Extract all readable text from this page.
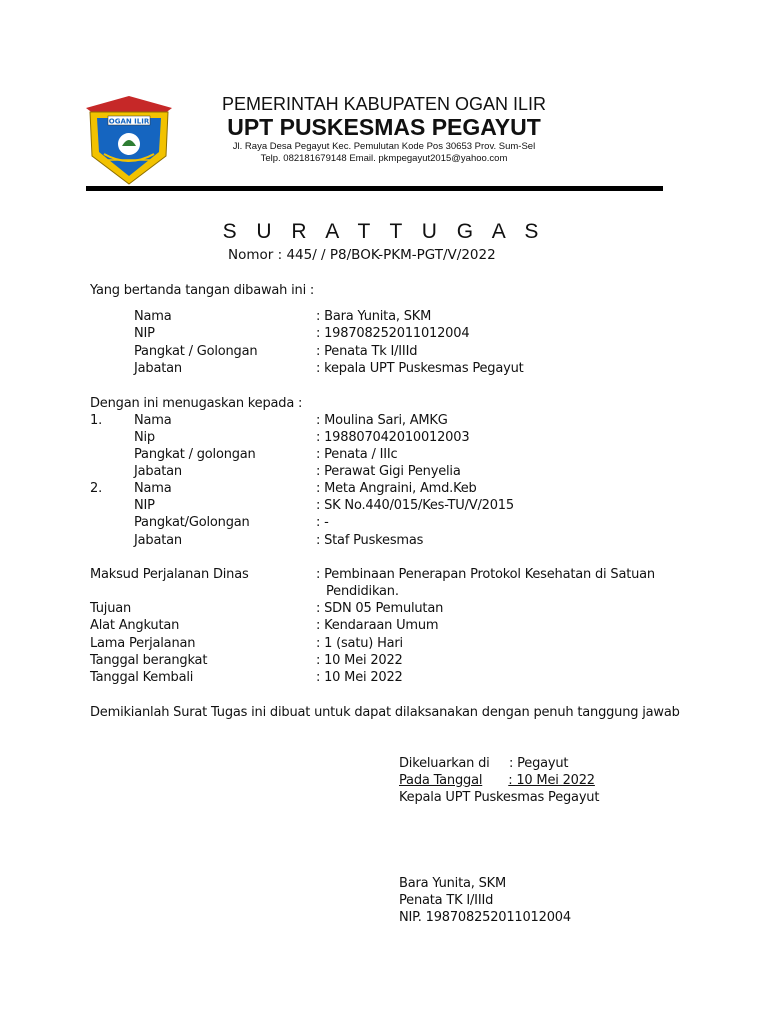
OGAN ILIR
PEMERINTAH KABUPATEN OGAN ILIR
UPT PUSKESMAS PEGAYUT
Jl. Raya Desa Pegayut Kec. Pemulutan Kode Pos 30653 Prov. Sum-Sel
Telp. 082181679148 Email. pkmpegayut2015@yahoo.com
S U R A T T U G A S
Nomor : 445/ / P8/BOK-PKM-PGT/V/2022
Yang bertanda tangan dibawah ini :
Nama	: Bara Yunita, SKM
NIP	: 198708252011012004
Pangkat / Golongan	: Penata Tk I/IIId
Jabatan	: kepala UPT Puskesmas Pegayut
Dengan ini menugaskan kepada :
1. Nama	: Moulina Sari, AMKG
Nip	: 198807042010012003
Pangkat / golongan	: Penata / IIIc
Jabatan	: Perawat Gigi Penyelia
2. Nama	: Meta Angraini, Amd.Keb
NIP	: SK No.440/015/Kes-TU/V/2015
Pangkat/Golongan	: -
Jabatan	: Staf Puskesmas
Maksud Perjalanan Dinas	: Pembinaan Penerapan Protokol Kesehatan di Satuan
Pendidikan.
Tujuan	: SDN 05 Pemulutan
Alat Angkutan	: Kendaraan Umum
Lama Perjalanan	: 1 (satu) Hari
Tanggal berangkat	: 10 Mei 2022
Tanggal Kembali	: 10 Mei 2022
Demikianlah Surat Tugas ini dibuat untuk dapat dilaksanakan dengan penuh tanggung jawab
Dikeluarkan di : Pegayut
Pada Tanggal : 10 Mei 2022
Kepala UPT Puskesmas Pegayut
Bara Yunita, SKM
Penata TK I/IIId
NIP. 198708252011012004
